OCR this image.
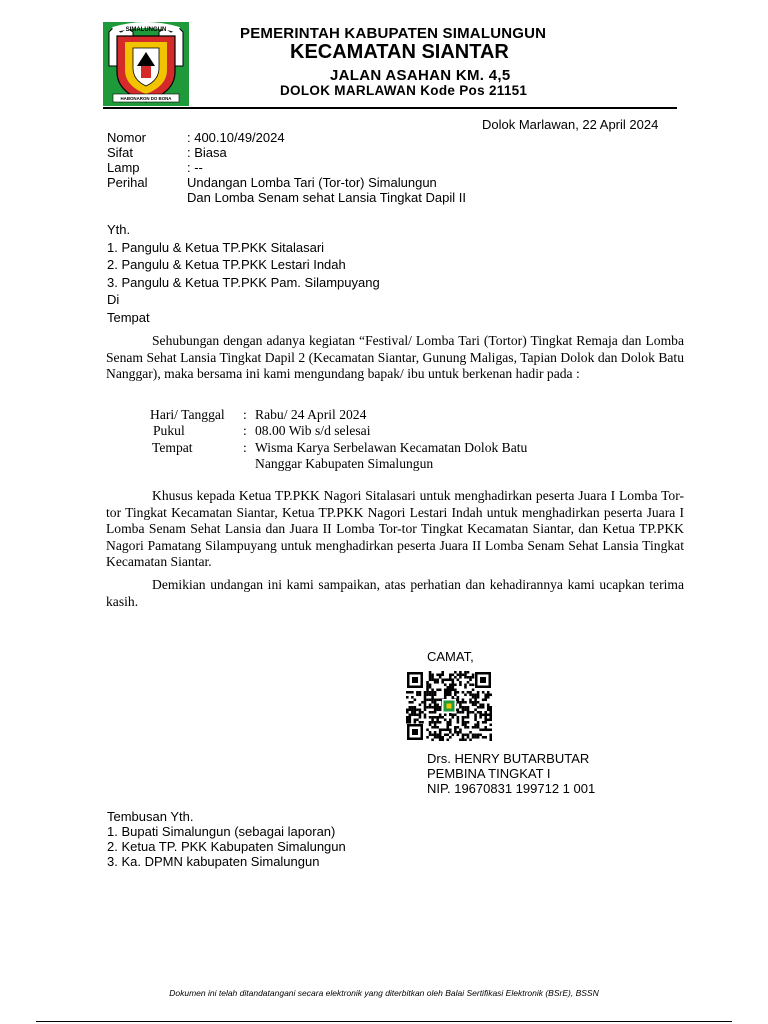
SIMALUNGUN
HABONARON DO BONA
PEMERINTAH KABUPATEN SIMALUNGUN
KECAMATAN SIANTAR
JALAN ASAHAN KM. 4,5
DOLOK MARLAWAN Kode Pos 21151
Dolok Marlawan, 22 April 2024
Nomor	: 400.10/49/2024
Sifat	: Biasa
Lamp	: --
Perihal	Undangan Lomba Tari (Tor-tor) Simalungun
Dan Lomba Senam sehat Lansia Tingkat Dapil II
Yth.
1. Pangulu & Ketua TP.PKK Sitalasari
2. Pangulu & Ketua TP.PKK Lestari Indah
3. Pangulu & Ketua TP.PKK Pam. Silampuyang
Di
Tempat
Sehubungan dengan adanya kegiatan “Festival/ Lomba Tari (Tortor) Tingkat Remaja dan Lomba Senam Sehat Lansia Tingkat Dapil 2 (Kecamatan Siantar, Gunung Maligas, Tapian Dolok dan Dolok Batu Nanggar), maka bersama ini kami mengundang bapak/ ibu untuk berkenan hadir pada :
Hari/ Tanggal : Rabu/ 24 April 2024
Pukul	: 08.00 Wib s/d selesai
Tempat	: Wisma Karya Serbelawan Kecamatan Dolok Batu
Nanggar Kabupaten Simalungun
Khusus kepada Ketua TP.PKK Nagori Sitalasari untuk menghadirkan peserta Juara I Lomba Tor-tor Tingkat Kecamatan Siantar, Ketua TP.PKK Nagori Lestari Indah untuk menghadirkan peserta Juara I Lomba Senam Sehat Lansia dan Juara II Lomba Tor-tor Tingkat Kecamatan Siantar, dan Ketua TP.PKK Nagori Pamatang Silampuyang untuk menghadirkan peserta Juara II Lomba Senam Sehat Lansia Tingkat Kecamatan Siantar.
Demikian undangan ini kami sampaikan, atas perhatian dan kehadirannya kami ucapkan terima kasih.
CAMAT,
Drs. HENRY BUTARBUTAR
PEMBINA TINGKAT I
NIP. 19670831 199712 1 001
Tembusan Yth.
1. Bupati Simalungun (sebagai laporan)
2. Ketua TP. PKK Kabupaten Simalungun
3. Ka. DPMN kabupaten Simalungun
Dokumen ini telah ditandatangani secara elektronik yang diterbitkan oleh Balai Sertifikasi Elektronik (BSrE), BSSN
